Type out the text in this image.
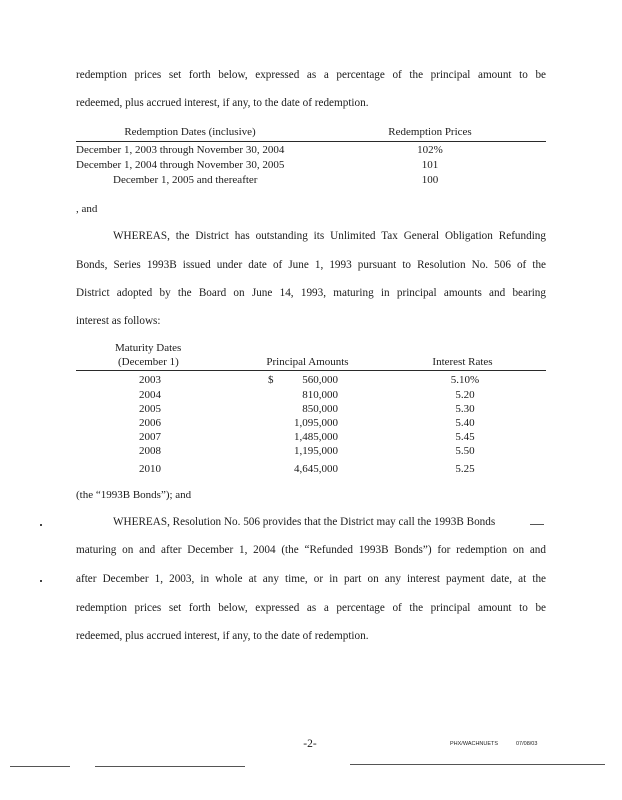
redemption prices set forth below, expressed as a percentage of the principal amount to be
redeemed, plus accrued interest, if any, to the date of redemption.
Redemption Dates (inclusive)	Redemption Prices
December 1, 2003 through November 30, 2004	102%
December 1, 2004 through November 30, 2005	101
December 1, 2005 and thereafter	100
, and
WHEREAS, the District has outstanding its Unlimited Tax General Obligation Refunding
Bonds, Series 1993B issued under date of June 1, 1993 pursuant to Resolution No. 506 of the
District adopted by the Board on June 14, 1993, maturing in principal amounts and bearing
interest as follows:
Maturity Dates
(December 1)	Principal Amounts	Interest Rates
$
2003	560,000	5.10%
2004	810,000	5.20
2005	850,000	5.30
2006	1,095,000	5.40
2007	1,485,000	5.45
2008	1,195,000	5.50
2010	4,645,000	5.25
(the “1993B Bonds”); and
WHEREAS, Resolution No. 506 provides that the District may call the 1993B Bonds
maturing on and after December 1, 2004 (the “Refunded 1993B Bonds”) for redemption on and
after December 1, 2003, in whole at any time, or in part on any interest payment date, at the
redemption prices set forth below, expressed as a percentage of the principal amount to be
redeemed, plus accrued interest, if any, to the date of redemption.
-2-	PHX/WACHNUETS	07/08/03
